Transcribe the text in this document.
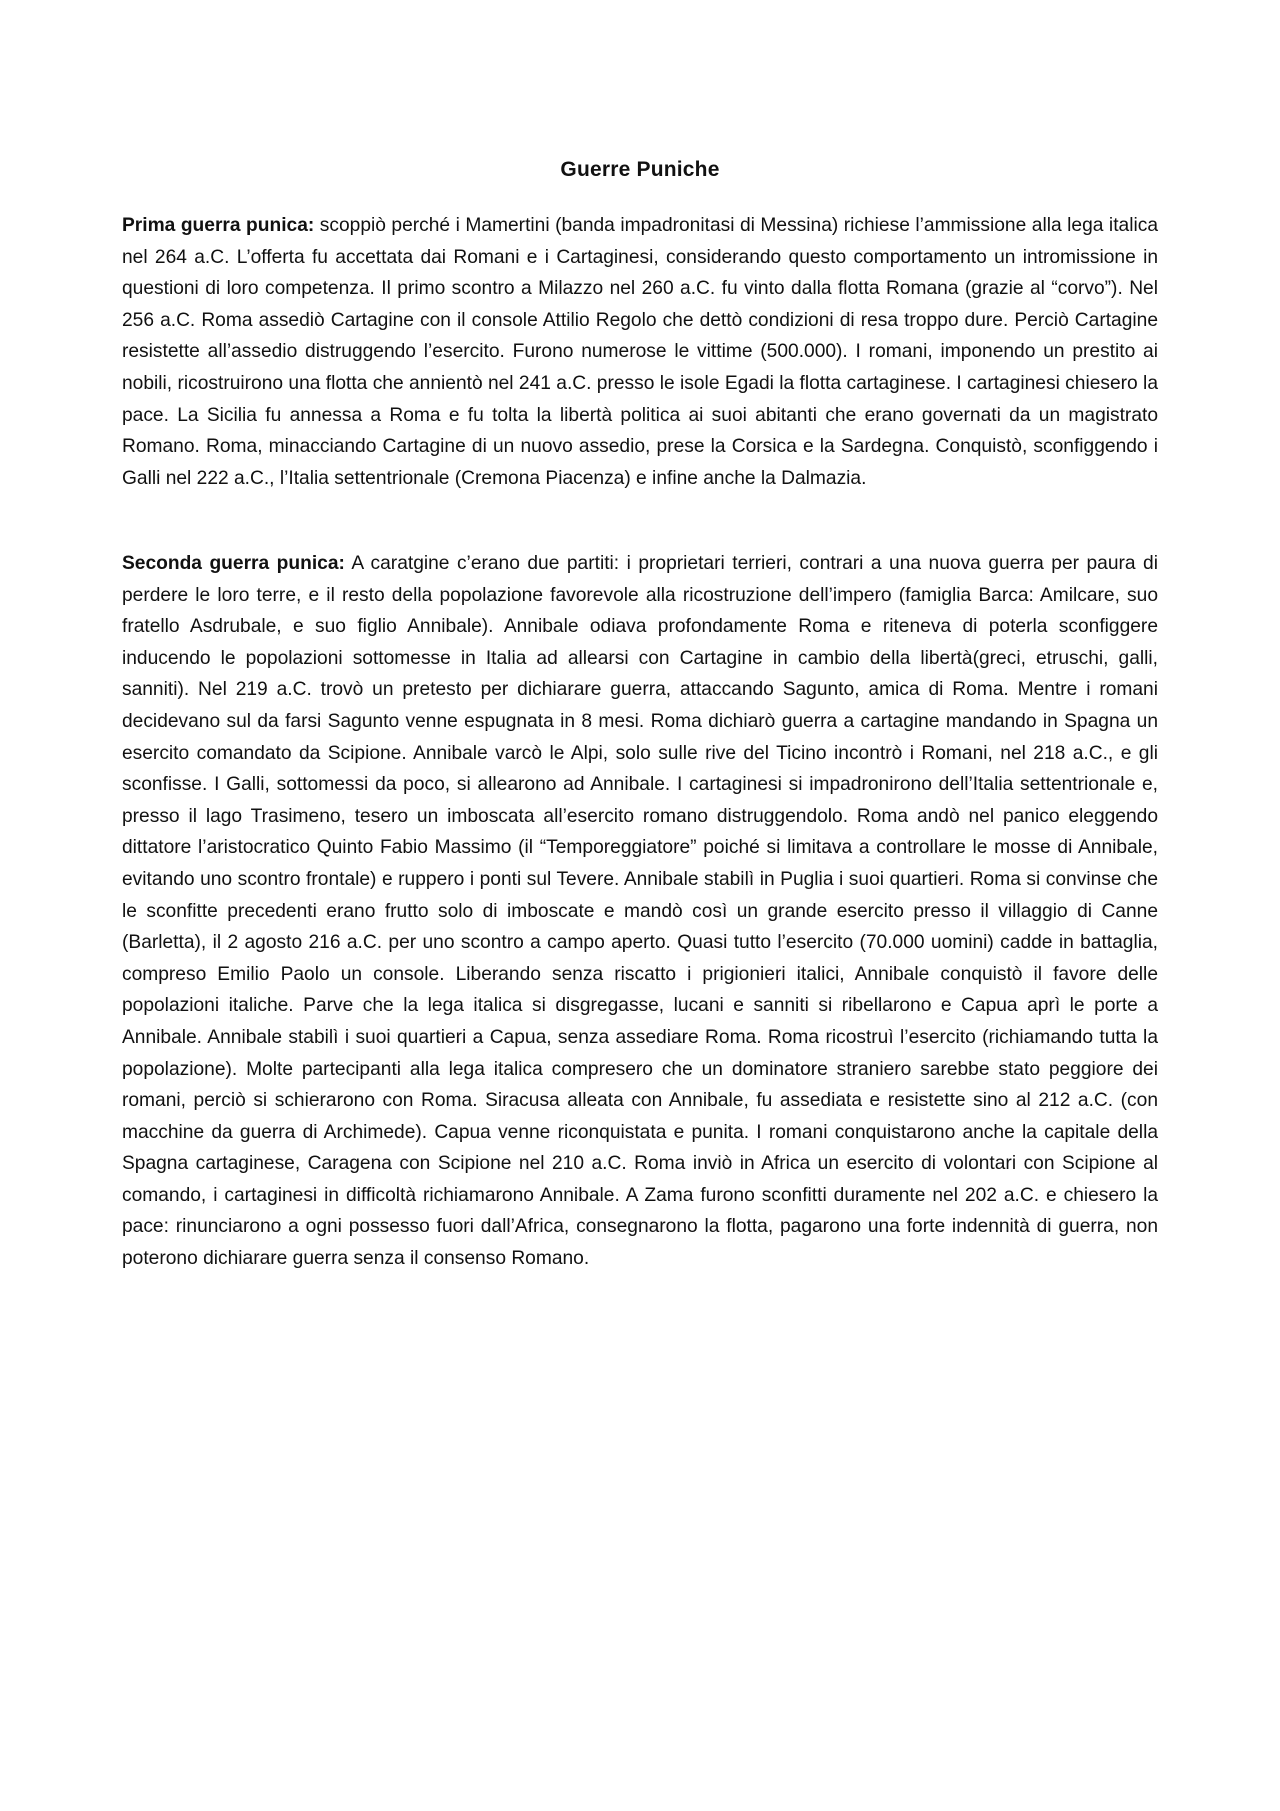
Guerre Puniche

Prima guerra punica: scoppiò perché i Mamertini (banda impadronitasi di Messina) richiese l’ammissione alla lega italica nel 264 a.C. L’offerta fu accettata dai Romani e i Cartaginesi, considerando questo comportamento un intromissione in questioni di loro competenza. Il primo scontro a Milazzo nel 260 a.C. fu vinto dalla flotta Romana (grazie al “corvo”). Nel 256 a.C. Roma assediò Cartagine con il console Attilio Regolo che dettò condizioni di resa troppo dure. Perciò Cartagine resistette all’assedio distruggendo l’esercito. Furono numerose le vittime (500.000). I romani, imponendo un prestito ai nobili, ricostruirono una flotta che annientò nel 241 a.C. presso le isole Egadi la flotta cartaginese. I cartaginesi chiesero la pace. La Sicilia fu annessa a Roma e fu tolta la libertà politica ai suoi abitanti che erano governati da un magistrato Romano. Roma, minacciando Cartagine di un nuovo assedio, prese la Corsica e la Sardegna. Conquistò, sconfiggendo i Galli nel 222 a.C., l’Italia settentrionale (Cremona Piacenza) e infine anche la Dalmazia.

Seconda guerra punica: A caratgine c’erano due partiti: i proprietari terrieri, contrari a una nuova guerra per paura di perdere le loro terre, e il resto della popolazione favorevole alla ricostruzione dell’impero (famiglia Barca: Amilcare, suo fratello Asdrubale, e suo figlio Annibale). Annibale odiava profondamente Roma e riteneva di poterla sconfiggere inducendo le popolazioni sottomesse in Italia ad allearsi con Cartagine in cambio della libertà(greci, etruschi, galli, sanniti). Nel 219 a.C. trovò un pretesto per dichiarare guerra, attaccando Sagunto, amica di Roma. Mentre i romani decidevano sul da farsi Sagunto venne espugnata in 8 mesi. Roma dichiarò guerra a cartagine mandando in Spagna un esercito comandato da Scipione. Annibale varcò le Alpi, solo sulle rive del Ticino incontrò i Romani, nel 218 a.C., e gli sconfisse. I Galli, sottomessi da poco, si allearono ad Annibale. I cartaginesi si impadronirono dell’Italia settentrionale e, presso il lago Trasimeno, tesero un imboscata all’esercito romano distruggendolo. Roma andò nel panico eleggendo dittatore l’aristocratico Quinto Fabio Massimo (il “Temporeggiatore” poiché si limitava a controllare le mosse di Annibale, evitando uno scontro frontale) e ruppero i ponti sul Tevere. Annibale stabilì in Puglia i suoi quartieri. Roma si convinse che le sconfitte precedenti erano frutto solo di imboscate e mandò così un grande esercito presso il villaggio di Canne (Barletta), il 2 agosto 216 a.C. per uno scontro a campo aperto. Quasi tutto l’esercito (70.000 uomini) cadde in battaglia, compreso Emilio Paolo un console. Liberando senza riscatto i prigionieri italici, Annibale conquistò il favore delle popolazioni italiche. Parve che la lega italica si disgregasse, lucani e sanniti si ribellarono e Capua aprì le porte a Annibale. Annibale stabilì i suoi quartieri a Capua, senza assediare Roma. Roma ricostruì l’esercito (richiamando tutta la popolazione). Molte partecipanti alla lega italica compresero che un dominatore straniero sarebbe stato peggiore dei romani, perciò si schierarono con Roma. Siracusa alleata con Annibale, fu assediata e resistette sino al 212 a.C. (con macchine da guerra di Archimede). Capua venne riconquistata e punita. I romani conquistarono anche la capitale della Spagna cartaginese, Caragena con Scipione nel 210 a.C. Roma inviò in Africa un esercito di volontari con Scipione al comando, i cartaginesi in difficoltà richiamarono Annibale. A Zama furono sconfitti duramente nel 202 a.C. e chiesero la pace: rinunciarono a ogni possesso fuori dall’Africa, consegnarono la flotta, pagarono una forte indennità di guerra, non poterono dichiarare guerra senza il consenso Romano.
